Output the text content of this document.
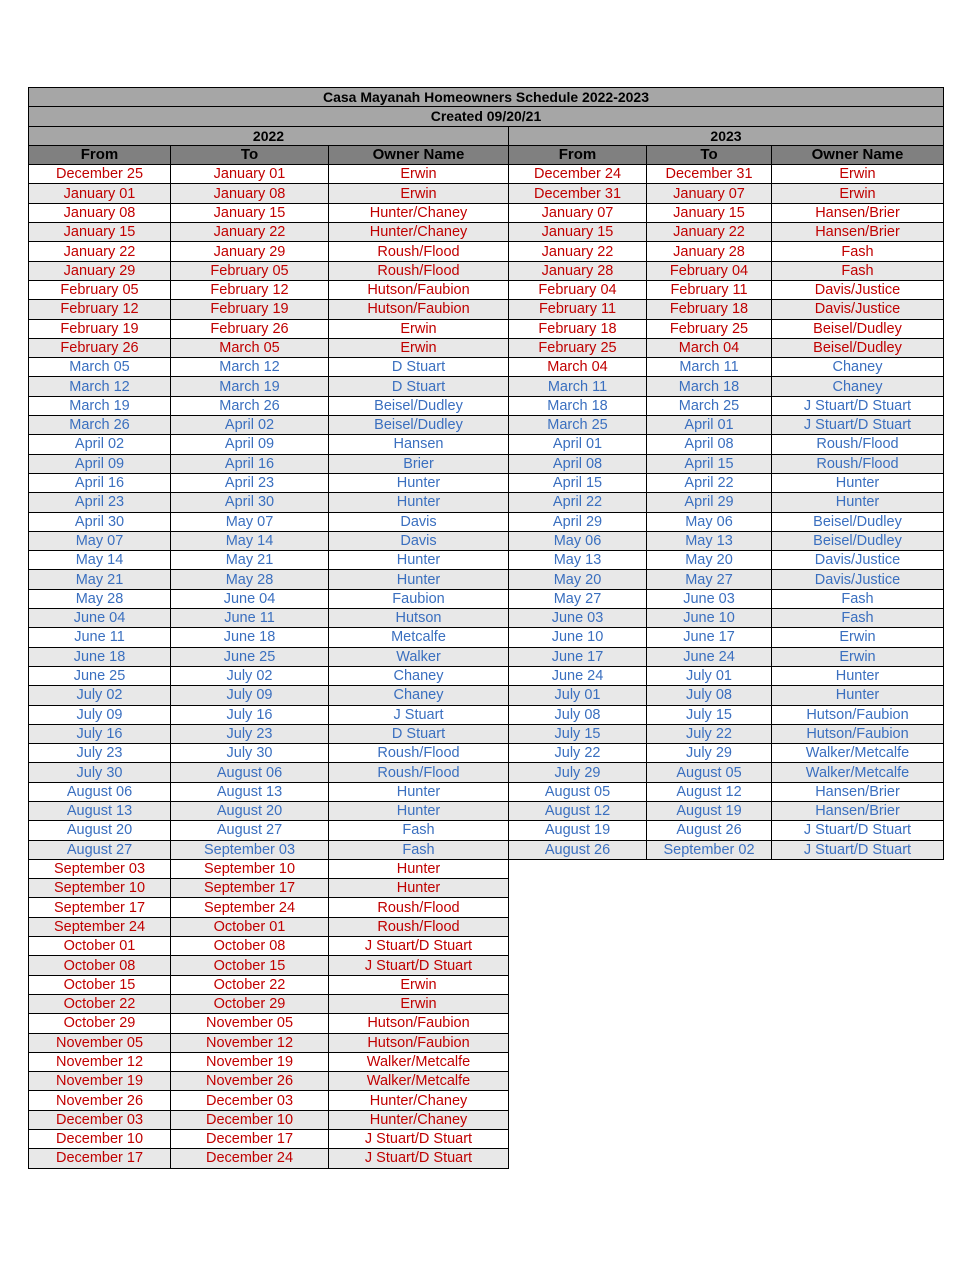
Casa Mayanah Homeowners Schedule 2022-2023					
Created 09/20/21					
2022			2023		
From	To	Owner Name	From	To	Owner Name
December 25	January 01	Erwin	December 24	December 31	Erwin
January 01	January 08	Erwin	December 31	January 07	Erwin
January 08	January 15	Hunter/Chaney	January 07	January 15	Hansen/Brier
January 15	January 22	Hunter/Chaney	January 15	January 22	Hansen/Brier
January 22	January 29	Roush/Flood	January 22	January 28	Fash
January 29	February 05	Roush/Flood	January 28	February 04	Fash
February 05	February 12	Hutson/Faubion	February 04	February 11	Davis/Justice
February 12	February 19	Hutson/Faubion	February 11	February 18	Davis/Justice
February 19	February 26	Erwin	February 18	February 25	Beisel/Dudley
February 26	March 05	Erwin	February 25	March 04	Beisel/Dudley
March 05	March 12	D Stuart	March 04	March 11	Chaney
March 12	March 19	D Stuart	March 11	March 18	Chaney
March 19	March 26	Beisel/Dudley	March 18	March 25	J Stuart/D Stuart
March 26	April 02	Beisel/Dudley	March 25	April 01	J Stuart/D Stuart
April 02	April 09	Hansen	April 01	April 08	Roush/Flood
April 09	April 16	Brier	April 08	April 15	Roush/Flood
April 16	April 23	Hunter	April 15	April 22	Hunter
April 23	April 30	Hunter	April 22	April 29	Hunter
April 30	May 07	Davis	April 29	May 06	Beisel/Dudley
May 07	May 14	Davis	May 06	May 13	Beisel/Dudley
May 14	May 21	Hunter	May 13	May 20	Davis/Justice
May 21	May 28	Hunter	May 20	May 27	Davis/Justice
May 28	June 04	Faubion	May 27	June 03	Fash
June 04	June 11	Hutson	June 03	June 10	Fash
June 11	June 18	Metcalfe	June 10	June 17	Erwin
June 18	June 25	Walker	June 17	June 24	Erwin
June 25	July 02	Chaney	June 24	July 01	Hunter
July 02	July 09	Chaney	July 01	July 08	Hunter
July 09	July 16	J Stuart	July 08	July 15	Hutson/Faubion
July 16	July 23	D Stuart	July 15	July 22	Hutson/Faubion
July 23	July 30	Roush/Flood	July 22	July 29	Walker/Metcalfe
July 30	August 06	Roush/Flood	July 29	August 05	Walker/Metcalfe
August 06	August 13	Hunter	August 05	August 12	Hansen/Brier
August 13	August 20	Hunter	August 12	August 19	Hansen/Brier
August 20	August 27	Fash	August 19	August 26	J Stuart/D Stuart
August 27	September 03	Fash	August 26	September 02	J Stuart/D Stuart
September 03	September 10	Hunter			
September 10	September 17	Hunter			
September 17	September 24	Roush/Flood			
September 24	October 01	Roush/Flood			
October 01	October 08	J Stuart/D Stuart			
October 08	October 15	J Stuart/D Stuart			
October 15	October 22	Erwin			
October 22	October 29	Erwin			
October 29	November 05	Hutson/Faubion			
November 05	November 12	Hutson/Faubion			
November 12	November 19	Walker/Metcalfe			
November 19	November 26	Walker/Metcalfe			
November 26	December 03	Hunter/Chaney			
December 03	December 10	Hunter/Chaney			
December 10	December 17	J Stuart/D Stuart			
December 17	December 24	J Stuart/D Stuart			
